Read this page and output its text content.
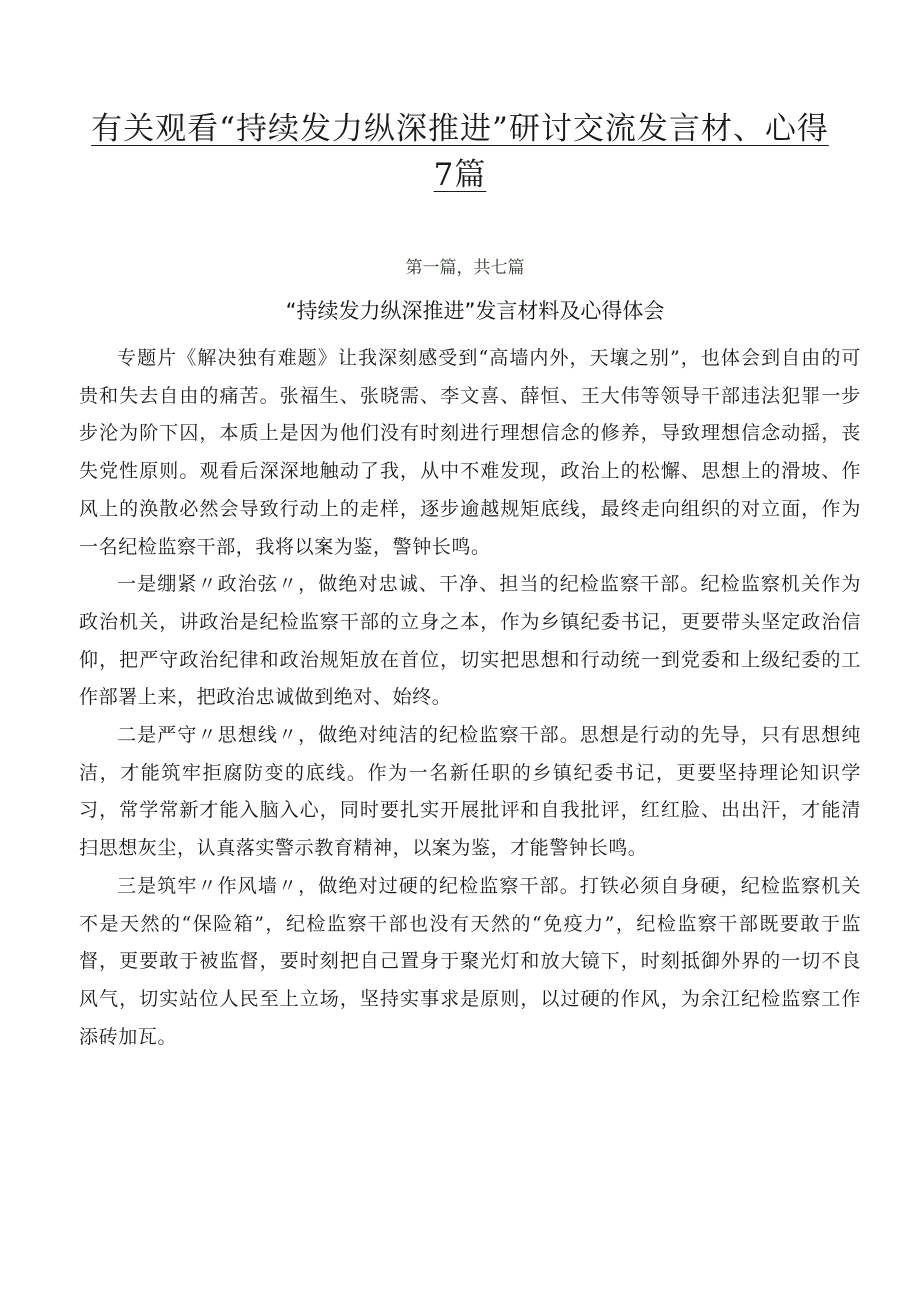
有关观看“持续发力纵深推进”研讨交流发言材、心得7篇
第一篇，共七篇
“持续发力纵深推进”发言材料及心得体会

专题片《解决独有难题》让我深刻感受到“高墙内外，天壤之别”，也体会到自由的可贵和失去自由的痛苦。张福生、张晓需、李文喜、薛恒、王大伟等领导干部违法犯罪一步步沦为阶下囚，本质上是因为他们没有时刻进行理想信念的修养，导致理想信念动摇，丧失党性原则。观看后深深地触动了我，从中不难发现，政治上的松懈、思想上的滑坡、作风上的涣散必然会导致行动上的走样，逐步逾越规矩底线，最终走向组织的对立面，作为一名纪检监察干部，我将以案为鉴，警钟长鸣。

一是绷紧〃政治弦〃，做绝对忠诚、干净、担当的纪检监察干部。纪检监察机关作为政治机关，讲政治是纪检监察干部的立身之本，作为乡镇纪委书记，更要带头坚定政治信仰，把严守政治纪律和政治规矩放在首位，切实把思想和行动统一到党委和上级纪委的工作部署上来，把政治忠诚做到绝对、始终。

二是严守〃思想线〃，做绝对纯洁的纪检监察干部。思想是行动的先导，只有思想纯洁，才能筑牢拒腐防变的底线。作为一名新任职的乡镇纪委书记，更要坚持理论知识学习，常学常新才能入脑入心，同时要扎实开展批评和自我批评，红红脸、出出汗，才能清扫思想灰尘，认真落实警示教育精神，以案为鉴，才能警钟长鸣。

三是筑牢〃作风墙〃，做绝对过硬的纪检监察干部。打铁必须自身硬，纪检监察机关不是天然的“保险箱”，纪检监察干部也没有天然的“免疫力”，纪检监察干部既要敢于监督，更要敢于被监督，要时刻把自己置身于聚光灯和放大镜下，时刻抵御外界的一切不良风气，切实站位人民至上立场，坚持实事求是原则，以过硬的作风，为余江纪检监察工作添砖加瓦。
